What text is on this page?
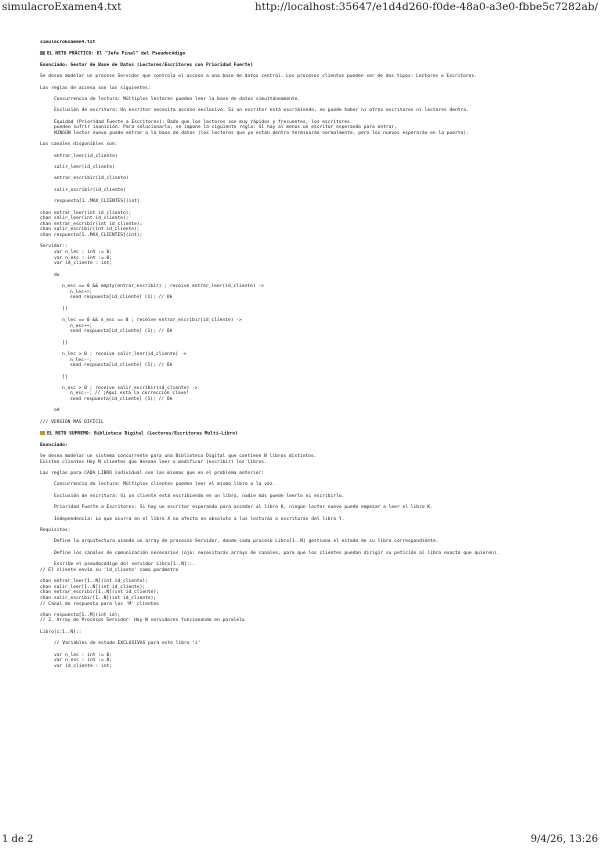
simulacroExamen4.txt	http://localhost:35647/e1d4d260-f0de-48a0-a3e0-fbbe5c7282ab/
simulacroExamen4.txt
EL RETO PRÁCTICO: El "Jefe Final" del Pseudocódigo
Enunciado: Gestor de Base de Datos (Lectores/Escritores con Prioridad Fuerte)
Se desea modelar un proceso Servidor que controla el acceso a una base de datos central. Los procesos clientes pueden ser de dos tipos: Lectores o Escritores.
Las reglas de acceso son las siguientes:
Concurrencia de lectura: Múltiples lectores pueden leer la base de datos simultáneamente.
Exclusión de escritura: Un escritor necesita acceso exclusivo. Si un escritor está escribiendo, no puede haber ni otros escritores ni lectores dentro.
Equidad (Prioridad Fuerte a Escritores): Dado que los lectores son muy rápidos y frecuentes, los escritores
pueden sufrir inanición. Para solucionarlo, se impone la siguiente regla: Si hay al menos un escritor esperando para entrar,
NINGÚN lector nuevo puede entrar a la base de datos (los lectores que ya están dentro terminarán normalmente, pero los nuevos esperarán en la puerta).
Los canales disponibles son:
entrar_leer(id_cliente)
salir_leer(id_cliente)
entrar_escribir(id_cliente)
salir_escribir(id_cliente)
respuesta[1..MAX_CLIENTES](int)
chan entrar_leer(int id_cliente);
chan salir_leer(int id_cliente);
chan entrar_escribir(int id_cliente);
chan salir_escribir(int id_cliente);
chan respuesta[1..MAX_CLIENTES](int);
Servidor::
var n_lec : int := 0;
var n_esc : int := 0;
var id_cliente : int;
do
n_esc == 0 && empty(entrar_escribir) ; receive entrar_leer(id_cliente) ->
n_lec++;
send respuesta[id_cliente] (1); // Ok
[]
n_lec == 0 && n_esc == 0 ; receive entrar_escribir(id_cliente) ->
n_esc++;
send respuesta[id_cliente] (1); // Ok
[]
n_lec > 0 ; receive salir_leer(id_cliente) ->
n_lec--;
send respuesta[id_cliente] (1); // Ok
[]
n_esc > 0 ; receive salir_escribir(id_cliente) ->
n_esc--; // ¡Aquí está la corrección clave!
send respuesta[id_cliente] (1); // Ok
od
/// VERSIÓN MÁS DIFÍCIL
EL RETO SUPREMO: Biblioteca Digital (Lectores/Escritores Multi-Libro)
Enunciado:
Se desea modelar un sistema concurrente para una Biblioteca Digital que contiene N libros distintos.
Existen clientes Hay N clientes que desean leer o modificar (escribir) los libros.
Las reglas para CADA LIBRO individual son las mismas que en el problema anterior:
Concurrencia de lectura: Múltiples clientes pueden leer el mismo libro a la vez.
Exclusión de escritura: Si un cliente está escribiendo en un libro, nadie más puede leerlo ni escribirlo.
Prioridad Fuerte a Escritores: Si hay un escritor esperando para acceder al libro K, ningún lector nuevo puede empezar a leer el libro K.
Independencia: Lo que ocurra en el libro X no afecta en absoluto a las lecturas o escrituras del libro Y.
Requisitos:
Define la arquitectura usando un array de procesos Servidor, donde cada proceso Libro[1..N] gestiona el estado de su libro correspondiente.
Define los canales de comunicación necesarios (ojo: necesitarás arrays de canales, para que los clientes puedan dirigir su petición al libro exacto que quieren).
Escribe el pseudocódigo del servidor Libro[1..N]::.
// El cliente envía su 'id_cliente' como parámetro
chan entrar_leer[1..N](int id_cliente);
chan salir_leer[1..N](int id_cliente);
chan entrar_escribir[1..N](int id_cliente);
chan salir_escribir[1..N](int id_cliente);
// Canal de respuesta para los 'M' clientes
chan respuesta[1..M](int id);
// 2. Array de Procesos Servidor: Hay N servidores funcionando en paralelo
Libro[i:1..N]::
// Variables de estado EXCLUSIVAS para este libro 'i'
var n_lec : int := 0;
var n_esc : int := 0;
var id_cliente : int;
1 de 2	9/4/26, 13:26
